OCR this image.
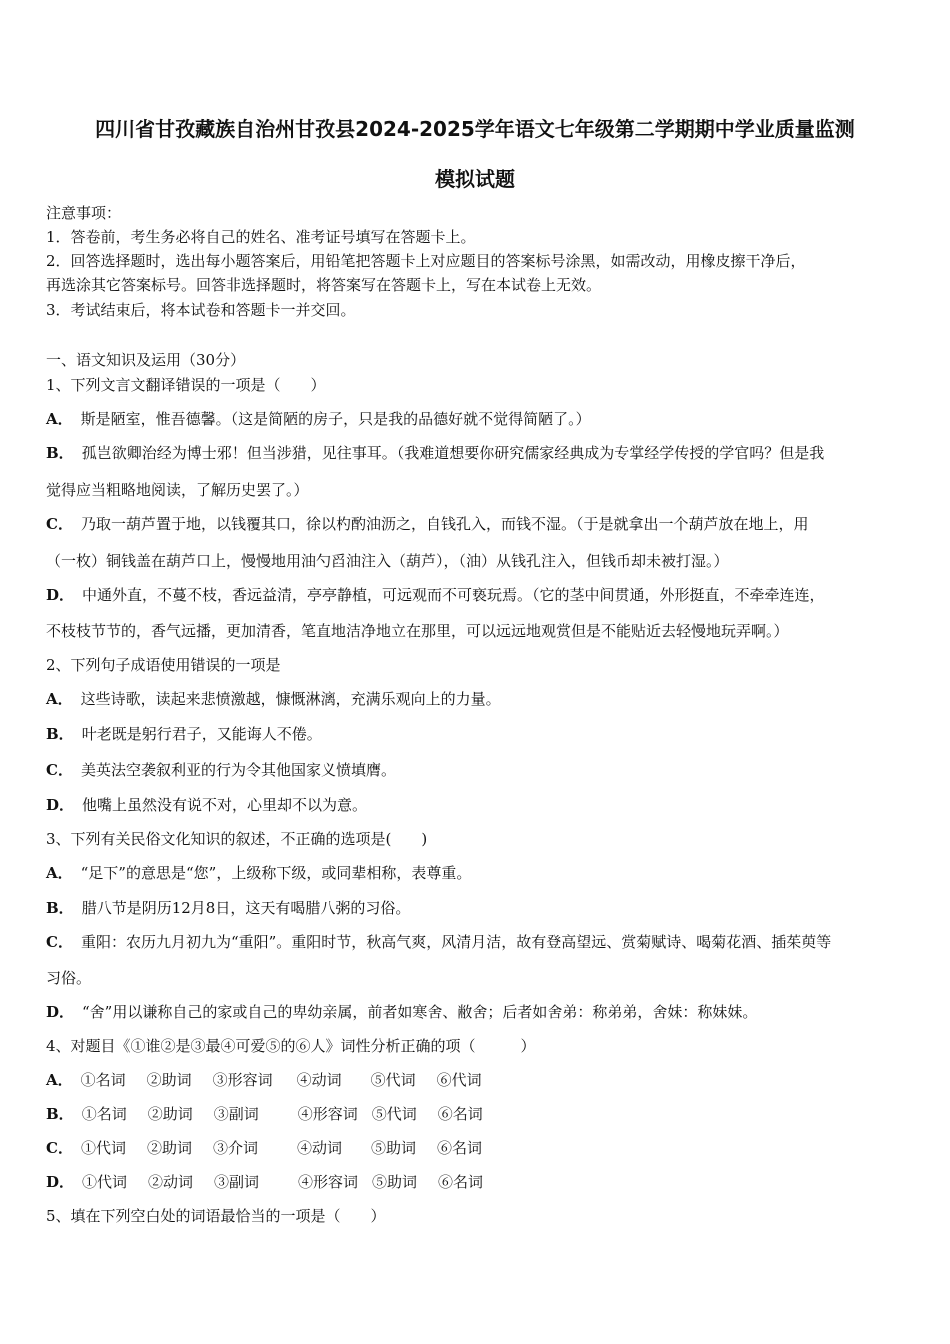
四川省甘孜藏族自治州甘孜县2024-2025学年语文七年级第二学期期中学业质量监测
模拟试题
注意事项：
1．答卷前，考生务必将自己的姓名、准考证号填写在答题卡上。
2．回答选择题时，选出每小题答案后，用铅笔把答题卡上对应题目的答案标号涂黑，如需改动，用橡皮擦干净后，
再选涂其它答案标号。回答非选择题时，将答案写在答题卡上，写在本试卷上无效。
3．考试结束后，将本试卷和答题卡一并交回。
一、语文知识及运用（30分）
1、下列文言文翻译错误的一项是（　　）
A． 斯是陋室，惟吾德馨。（这是简陋的房子，只是我的品德好就不觉得简陋了。）
B． 孤岂欲卿治经为博士邪！但当涉猎，见往事耳。（我难道想要你研究儒家经典成为专掌经学传授的学官吗？但是我
觉得应当粗略地阅读，了解历史罢了。）
C． 乃取一葫芦置于地，以钱覆其口，徐以杓酌油沥之，自钱孔入，而钱不湿。（于是就拿出一个葫芦放在地上，用
（一枚）铜钱盖在葫芦口上，慢慢地用油勺舀油注入（葫芦），（油）从钱孔注入，但钱币却未被打湿。）
D． 中通外直，不蔓不枝，香远益清，亭亭静植，可远观而不可亵玩焉。（它的茎中间贯通，外形挺直，不牵牵连连，
不枝枝节节的，香气远播，更加清香，笔直地洁净地立在那里，可以远远地观赏但是不能贴近去轻慢地玩弄啊。）
2、下列句子成语使用错误的一项是
A． 这些诗歌，读起来悲愤激越，慷慨淋漓，充满乐观向上的力量。
B． 叶老既是躬行君子，又能诲人不倦。
C． 美英法空袭叙利亚的行为令其他国家义愤填膺。
D． 他嘴上虽然没有说不对，心里却不以为意。
3、下列有关民俗文化知识的叙述，不正确的选项是(　　)
A． “足下”的意思是“您”，上级称下级，或同辈相称，表尊重。
B． 腊八节是阴历12月8日，这天有喝腊八粥的习俗。
C． 重阳：农历九月初九为“重阳”。重阳时节，秋高气爽，风清月洁，故有登高望远、赏菊赋诗、喝菊花酒、插茱萸等
习俗。
D． “舍”用以谦称自己的家或自己的卑幼亲属，前者如寒舍、敝舍；后者如舍弟：称弟弟，舍妹：称妹妹。
4、对题目《①谁②是③最④可爱⑤的⑥人》词性分析正确的项（　　　）
A． ①名词 ②助词 ③形容词 ④动词 ⑤代词 ⑥代词
B． ①名词 ②助词 ③副词	④形容词 ⑤代词 ⑥名词
C． ①代词 ②助词 ③介词	④动词 ⑤助词 ⑥名词
D． ①代词 ②动词 ③副词	④形容词 ⑤助词 ⑥名词
5、填在下列空白处的词语最恰当的一项是（　　）
